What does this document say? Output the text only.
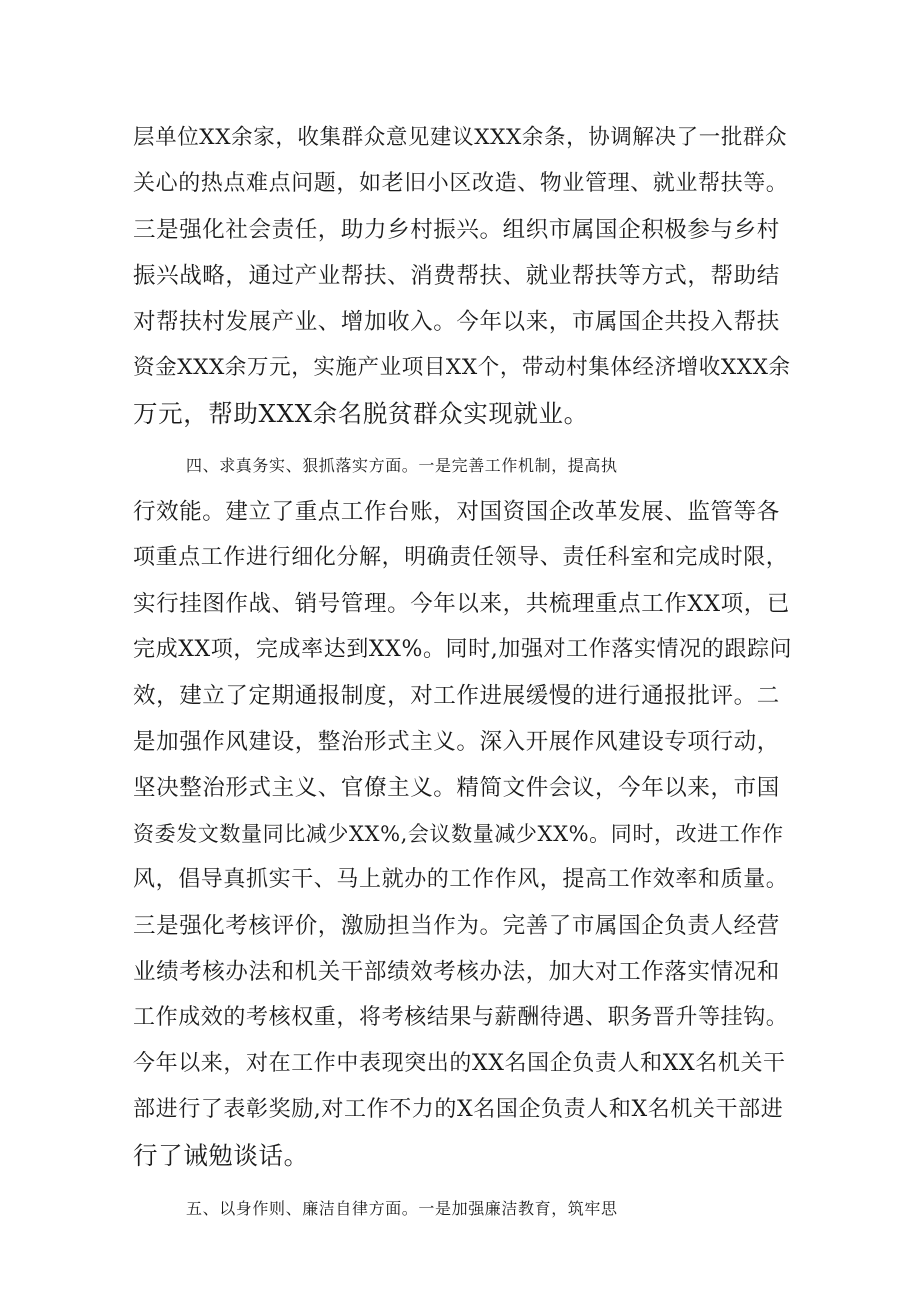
层单位XX余家，收集群众意见建议XXX余条，协调解决了一批群众
关心的热点难点问题，如老旧小区改造、物业管理、就业帮扶等。
三是强化社会责任，助力乡村振兴。组织市属国企积极参与乡村
振兴战略，通过产业帮扶、消费帮扶、就业帮扶等方式，帮助结
对帮扶村发展产业、增加收入。今年以来，市属国企共投入帮扶
资金XXX余万元，实施产业项目XX个，带动村集体经济增收XXX余
万元，帮助XXX余名脱贫群众实现就业。
四、求真务实、狠抓落实方面。一是完善工作机制，提高执
行效能。建立了重点工作台账，对国资国企改革发展、监管等各
项重点工作进行细化分解，明确责任领导、责任科室和完成时限，
实行挂图作战、销号管理。今年以来，共梳理重点工作XX项，已
完成XX项，完成率达到XX%。同时,加强对工作落实情况的跟踪问
效，建立了定期通报制度，对工作进展缓慢的进行通报批评。二
是加强作风建设，整治形式主义。深入开展作风建设专项行动，
坚决整治形式主义、官僚主义。精简文件会议，今年以来，市国
资委发文数量同比减少XX%,会议数量减少XX%。同时，改进工作作
风，倡导真抓实干、马上就办的工作作风，提高工作效率和质量。
三是强化考核评价，激励担当作为。完善了市属国企负责人经营
业绩考核办法和机关干部绩效考核办法，加大对工作落实情况和
工作成效的考核权重，将考核结果与薪酬待遇、职务晋升等挂钩。
今年以来，对在工作中表现突出的XX名国企负责人和XX名机关干
部进行了表彰奖励,对工作不力的X名国企负责人和X名机关干部进
行了诫勉谈话。
五、以身作则、廉洁自律方面。一是加强廉洁教育，筑牢思
